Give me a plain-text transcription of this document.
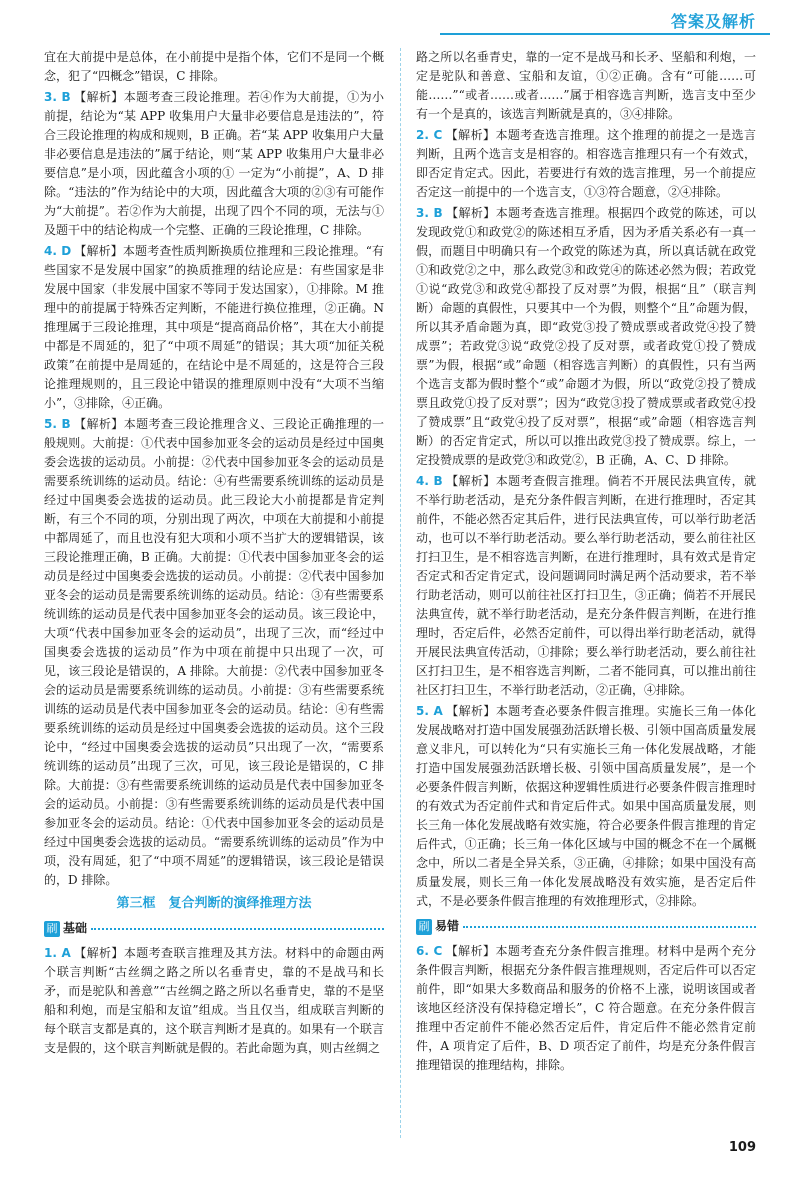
答案及解析

宜在大前提中是总体，在小前提中是指个体，它们不是同一个概念，犯了“四概念”错误，C 排除。

3. B 【解析】本题考查三段论推理。若④作为大前提，①为小前提，结论为“某 APP 收集用户大量非必要信息是违法的”，符合三段论推理的构成和规则，B 正确。若“某 APP 收集用户大量非必要信息是违法的”属于结论，则“某 APP 收集用户大量非必要信息”是小项，因此蕴含小项的① 一定为“小前提”，A、D 排除。“违法的”作为结论中的大项，因此蕴含大项的②③有可能作为“大前提”。若②作为大前提，出现了四个不同的项，无法与①及题干中的结论构成一个完整、正确的三段论推理，C 排除。

4. D 【解析】本题考查性质判断换质位推理和三段论推理。“有些国家不是发展中国家”的换质推理的结论应是：有些国家是非发展中国家（非发展中国家不等同于发达国家），①排除。M 推理中的前提属于特殊否定判断，不能进行换位推理，②正确。N 推理属于三段论推理，其中项是“提高商品价格”，其在大小前提中都是不周延的，犯了“中项不周延”的错误；其大项“加征关税政策”在前提中是周延的，在结论中是不周延的，这是符合三段论推理规则的，且三段论中错误的推理原则中没有“大项不当缩小”，③排除，④正确。

5. B 【解析】本题考查三段论推理含义、三段论正确推理的一般规则。大前提：①代表中国参加亚冬会的运动员是经过中国奥委会选拔的运动员。小前提：②代表中国参加亚冬会的运动员是需要系统训练的运动员。结论：④有些需要系统训练的运动员是经过中国奥委会选拔的运动员。此三段论大小前提都是肯定判断，有三个不同的项，分别出现了两次，中项在大前提和小前提中都周延了，而且也没有犯大项和小项不当扩大的逻辑错误，该三段论推理正确，B 正确。大前提：①代表中国参加亚冬会的运动员是经过中国奥委会选拔的运动员。小前提：②代表中国参加亚冬会的运动员是需要系统训练的运动员。结论：③有些需要系统训练的运动员是代表中国参加亚冬会的运动员。该三段论中，大项“代表中国参加亚冬会的运动员”，出现了三次，而“经过中国奥委会选拔的运动员”作为中项在前提中只出现了一次，可见，该三段论是错误的，A 排除。大前提：②代表中国参加亚冬会的运动员是需要系统训练的运动员。小前提：③有些需要系统训练的运动员是代表中国参加亚冬会的运动员。结论：④有些需要系统训练的运动员是经过中国奥委会选拔的运动员。这个三段论中，“经过中国奥委会选拔的运动员”只出现了一次，“需要系统训练的运动员”出现了三次，可见，该三段论是错误的，C 排除。大前提：③有些需要系统训练的运动员是代表中国参加亚冬会的运动员。小前提：③有些需要系统训练的运动员是代表中国参加亚冬会的运动员。结论：①代表中国参加亚冬会的运动员是经过中国奥委会选拔的运动员。“需要系统训练的运动员”作为中项，没有周延，犯了“中项不周延”的逻辑错误，该三段论是错误的，D 排除。

第三框　复合判断的演绎推理方法
刷 基础

1. A 【解析】本题考查联言推理及其方法。材料中的命题由两个联言判断“古丝绸之路之所以名垂青史，靠的不是战马和长矛，而是驼队和善意”“古丝绸之路之所以名垂青史，靠的不是坚船和利炮，而是宝船和友谊”组成。当且仅当，组成联言判断的每个联言支都是真的，这个联言判断才是真的。如果有一个联言支是假的，这个联言判断就是假的。若此命题为真，则古丝绸之

路之所以名垂青史，靠的一定不是战马和长矛、坚船和利炮，一定是驼队和善意、宝船和友谊，①②正确。含有“可能……可能……”“或者……或者……”属于相容选言判断，选言支中至少有一个是真的，该选言判断就是真的，③④排除。

2. C 【解析】本题考查选言推理。这个推理的前提之一是选言判断，且两个选言支是相容的。相容选言推理只有一个有效式，即否定肯定式。因此，若要进行有效的选言推理，另一个前提应否定这一前提中的一个选言支，①③符合题意，②④排除。

3. B 【解析】本题考查选言推理。根据四个政党的陈述，可以发现政党①和政党②的陈述相互矛盾，因为矛盾关系必有一真一假，而题目中明确只有一个政党的陈述为真，所以真话就在政党①和政党②之中，那么政党③和政党④的陈述必然为假；若政党①说“政党③和政党④都投了反对票”为假，根据“且”（联言判断）命题的真假性，只要其中一个为假，则整个“且”命题为假，所以其矛盾命题为真，即“政党③投了赞成票或者政党④投了赞成票”；若政党③说“政党②投了反对票，或者政党①投了赞成票”为假，根据“或”命题（相容选言判断）的真假性，只有当两个选言支都为假时整个“或”命题才为假，所以“政党②投了赞成票且政党①投了反对票”；因为“政党③投了赞成票或者政党④投了赞成票”且“政党④投了反对票”，根据“或”命题（相容选言判断）的否定肯定式，所以可以推出政党③投了赞成票。综上，一定投赞成票的是政党③和政党②，B 正确，A、C、D 排除。

4. B 【解析】本题考查假言推理。倘若不开展民法典宣传，就不举行助老活动，是充分条件假言判断，在进行推理时，否定其前件，不能必然否定其后件，进行民法典宣传，可以举行助老活动，也可以不举行助老活动。要么举行助老活动，要么前往社区打扫卫生，是不相容选言判断，在进行推理时，具有效式是肯定否定式和否定肯定式，设问题调同时满足两个活动要求，若不举行助老活动，则可以前往社区打扫卫生，③正确；倘若不开展民法典宣传，就不举行助老活动，是充分条件假言判断，在进行推理时，否定后件，必然否定前件，可以得出举行助老活动，就得开展民法典宣传活动，①排除；要么举行助老活动，要么前往社区打扫卫生，是不相容选言判断，二者不能同真，可以推出前往社区打扫卫生，不举行助老活动，②正确，④排除。

5. A 【解析】本题考查必要条件假言推理。实施长三角一体化发展战略对打造中国发展强劲活跃增长极、引领中国高质量发展意义非凡，可以转化为“只有实施长三角一体化发展战略，才能打造中国发展强劲活跃增长极、引领中国高质量发展”，是一个必要条件假言判断，依据这种逻辑性质进行必要条件假言推理时的有效式为否定前件式和肯定后件式。如果中国高质量发展，则长三角一体化发展战略有效实施，符合必要条件假言推理的肯定后件式，①正确；长三角一体化区域与中国的概念不在一个属概念中，所以二者是全异关系，③正确，④排除；如果中国没有高质量发展，则长三角一体化发展战略没有效实施，是否定后件式，不是必要条件假言推理的有效推理形式，②排除。

刷 易错

6. C 【解析】本题考查充分条件假言推理。材料中是两个充分条件假言判断，根据充分条件假言推理规则，否定后件可以否定前件，即“如果大多数商品和服务的价格不上涨，说明该国或者该地区经济没有保持稳定增长”，C 符合题意。在充分条件假言推理中否定前件不能必然否定后件，肯定后件不能必然肯定前件，A 项肯定了后件，B、D 项否定了前件，均是充分条件假言推理错误的推理结构，排除。

109
